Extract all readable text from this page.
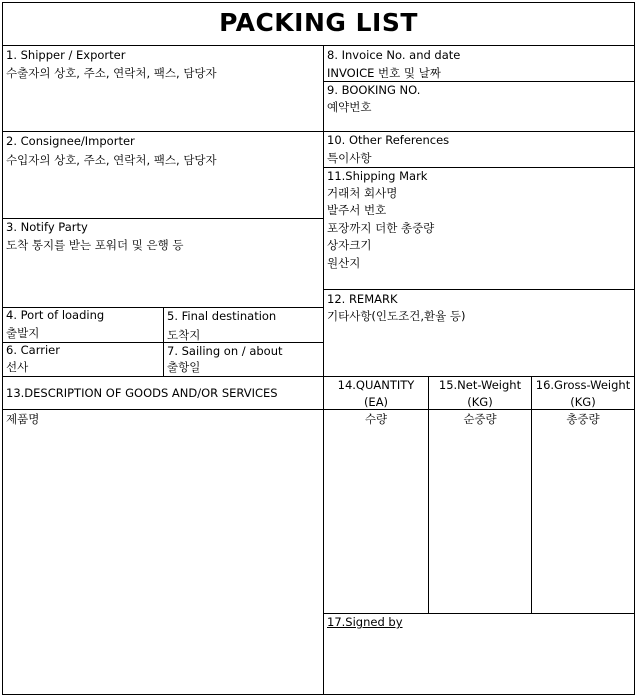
PACKING LIST
1. Shipper / Exporter
수출자의 상호, 주소, 연락처, 팩스, 담당자
8. Invoice No. and date
INVOICE 번호 및 날짜
9. BOOKING NO.
예약번호
2. Consignee/Importer
수입자의 상호, 주소, 연락처, 팩스, 담당자
10. Other References
특이사항
11.Shipping Mark
거래처 회사명
발주서 번호
포장까지 더한 총중량
상자크기
원산지
3. Notify Party
도착 통지를 받는 포워더 및 은행 등
12. REMARK
기타사항(인도조건,환율 등)
4. Port of loading
출발지
5. Final destination
도착지
6. Carrier
선사
7. Sailing on / about
출항일
13.DESCRIPTION OF GOODS AND/OR SERVICES
제품명
14.QUANTITY
(EA)
수량
15.Net-Weight
(KG)
순중량
16.Gross-Weight
(KG)
총중량
17.Signed by
